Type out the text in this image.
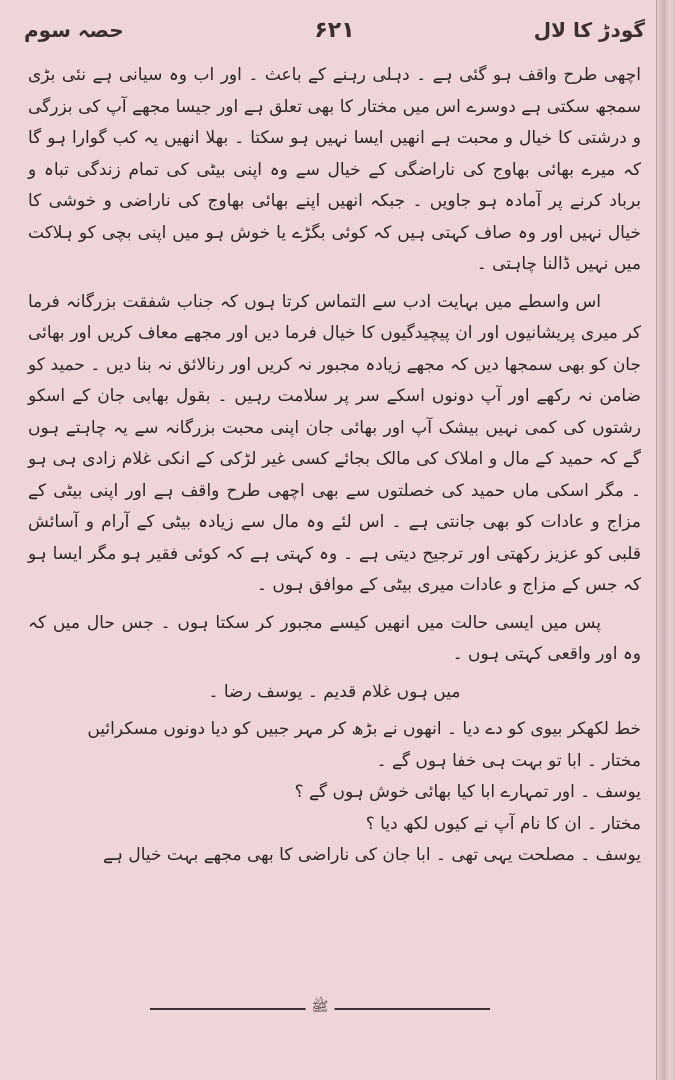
گودڑ کا لال
۶۲۱
حصہ سوم

اچھی طرح واقف ہو گئی ہے ۔ دہلی رہنے کے باعث ۔ اور اب وہ سیانی ہے نئی بڑی سمجھ سکتی ہے دوسرے اس میں مختار کا بھی تعلق ہے اور جیسا مجھے آپ کی بزرگی و درشتی کا خیال و محبت ہے انھیں ایسا نہیں ہو سکتا ۔ بھلا انھیں یہ کب گوارا ہو گا کہ میرے بھائی بھاوج کی ناراضگی کے خیال سے وہ اپنی بیٹی کی تمام زندگی تباہ و برباد کرنے پر آمادہ ہو جاویں ۔ جبکہ انھیں اپنے بھائی بھاوج کی ناراضی و خوشی کا خیال نہیں اور وہ صاف کہتی ہیں کہ کوئی بگڑے یا خوش ہو میں اپنی بچی کو ہلاکت میں نہیں ڈالنا چاہتی ۔

اس واسطے میں بہایت ادب سے التماس کرتا ہوں کہ جناب شفقت بزرگانہ فرما کر میری پریشانیوں اور ان پیچیدگیوں کا خیال فرما دیں اور مجھے معاف کریں اور بھائی جان کو بھی سمجھا دیں کہ مجھے زیادہ مجبور نہ کریں اور رنالائق نہ بنا دیں ۔ حمید کو ضامن نہ رکھے اور آپ دونوں اسکے سر پر سلامت رہیں ۔ بقول بھابی جان کے اسکو رشتوں کی کمی نہیں بیشک آپ اور بھائی جان اپنی محبت بزرگانہ سے یہ چاہتے ہوں گے کہ حمید کے مال و املاک کی مالک بجائے کسی غیر لڑکی کے انکی غلام زادی ہی ہو ۔ مگر اسکی ماں حمید کی خصلتوں سے بھی اچھی طرح واقف ہے اور اپنی بیٹی کے مزاج و عادات کو بھی جانتی ہے ۔ اس لئے وہ مال سے زیادہ بیٹی کے آرام و آسائش قلبی کو عزیز رکھتی اور ترجیح دیتی ہے ۔ وہ کہتی ہے کہ کوئی فقیر ہو مگر ایسا ہو کہ جس کے مزاج و عادات میری بیٹی کے موافق ہوں ۔

پس میں ایسی حالت میں انھیں کیسے مجبور کر سکتا ہوں ۔ جس حال میں کہ وہ اور واقعی کہتی ہوں ۔

میں ہوں غلام قدیم ۔ یوسف رضا ۔

خط لکھکر بیوی کو دے دیا ۔ انھوں نے بڑھ کر مہر جبیں کو دیا دونوں مسکرائیں

مختار ۔ ابا تو بہت ہی خفا ہوں گے ۔

یوسف ۔ اور تمہارے ابا کیا بھائی خوش ہوں گے ؟

مختار ۔ ان کا نام آپ نے کیوں لکھ دیا ؟

یوسف ۔ مصلحت یہی تھی ۔ ابا جان کی ناراضی کا بھی مجھے بہت خیال ہے

ﷺ
